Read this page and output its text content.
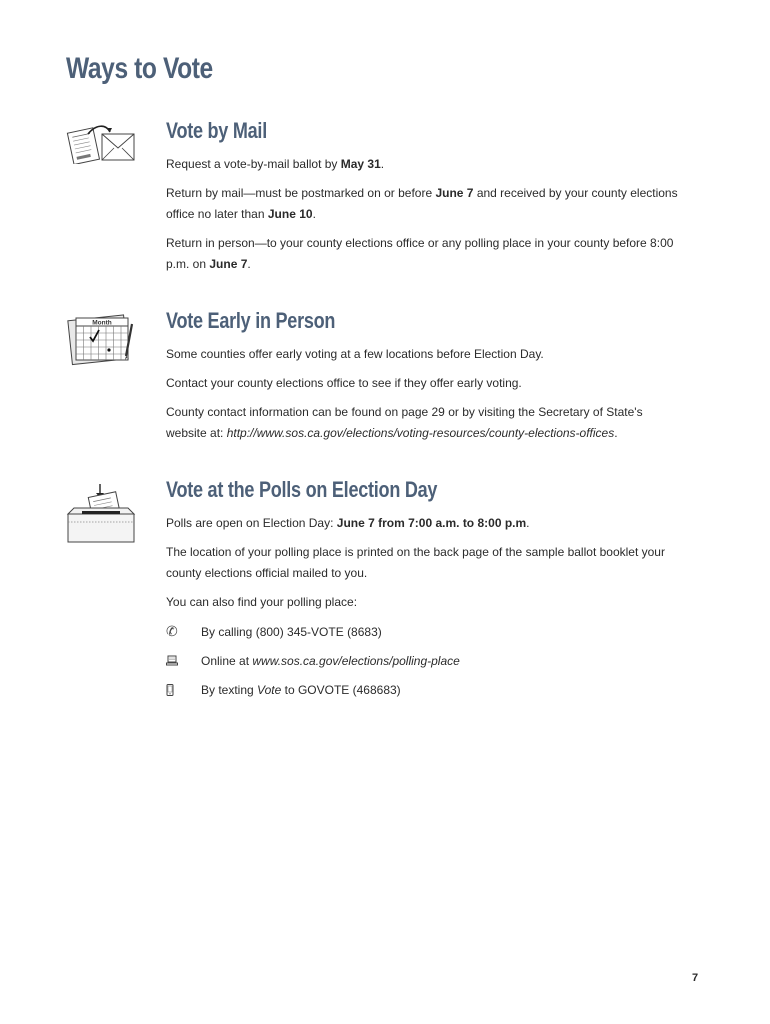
Ways to Vote
Vote by Mail

Request a vote-by-mail ballot by May 31.

Return by mail—must be postmarked on or before June 7 and received by your county elections office no later than June 10.

Return in person—to your county elections office or any polling place in your county before 8:00 p.m. on June 7.

Month Vote Early in Person

Some counties offer early voting at a few locations before Election Day.

Contact your county elections office to see if they offer early voting.

County contact information can be found on page 29 or by visiting the Secretary of State's website at: http://www.sos.ca.gov/elections/voting-resources/county-elections-offices.

Vote at the Polls on Election Day

Polls are open on Election Day: June 7 from 7:00 a.m. to 8:00 p.m.

The location of your polling place is printed on the back page of the sample ballot booklet your county elections official mailed to you.

You can also find your polling place:

✆	By calling (800) 345-VOTE (8683)
Online at www.sos.ca.gov/elections/polling-place
By texting Vote to GOVOTE (468683)
7
